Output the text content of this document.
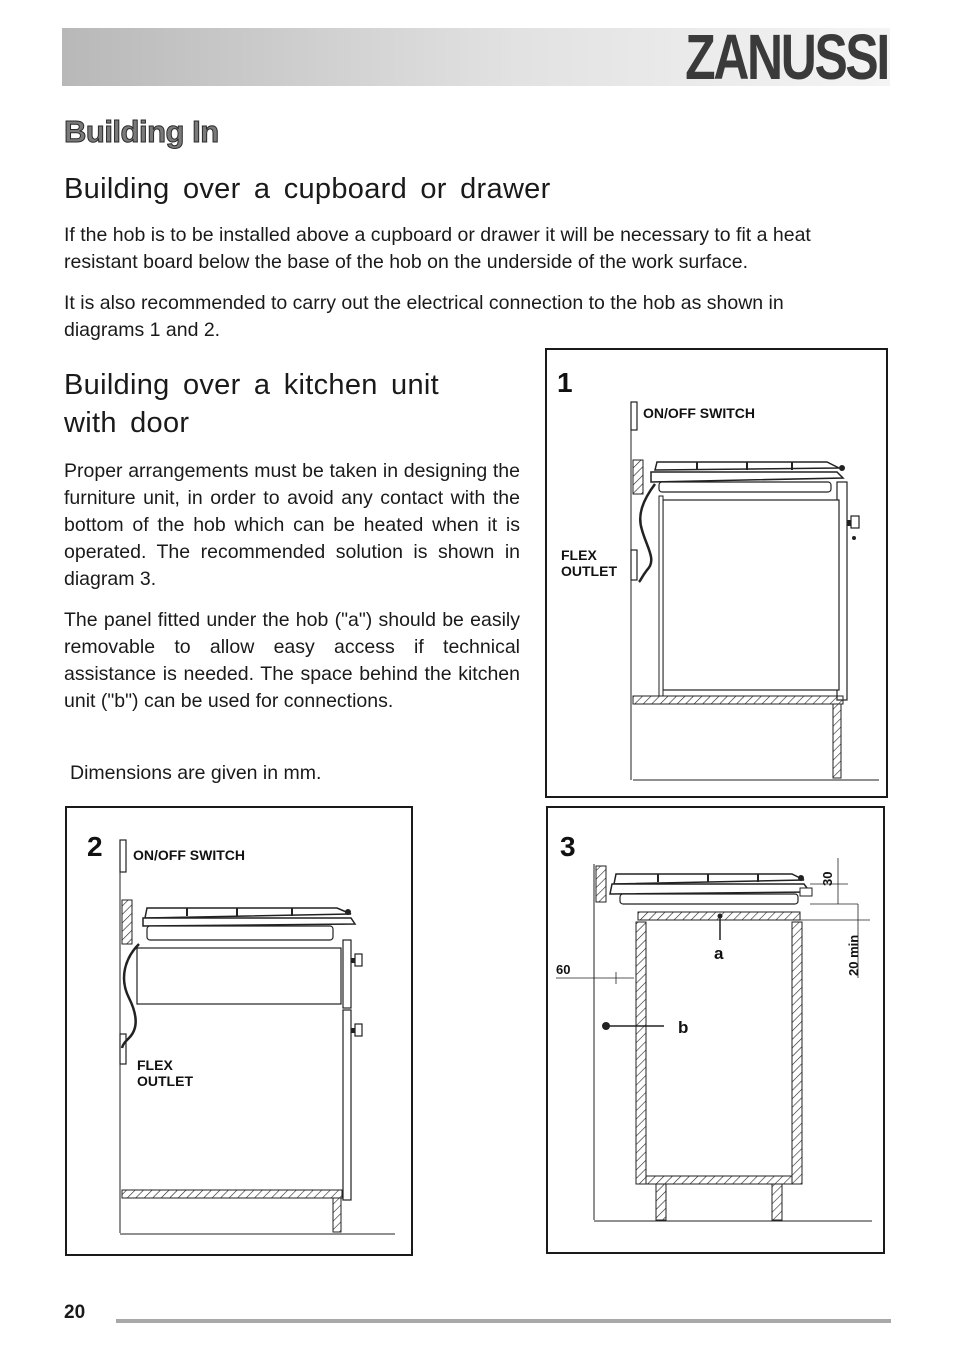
ZANUSSI
Building In
Building over a cupboard or drawer

If the hob is to be installed above a cupboard or drawer it will be necessary to fit a heat resistant board below the base of the hob on the underside of the work surface.

It is also recommended to carry out the electrical connection to the hob as shown in diagrams 1 and 2.

Building over a kitchen unit
with door

Proper arrangements must be taken in designing the furniture unit, in order to avoid any contact with the bottom of the hob which can be heated when it is operated. The recommended solution is shown in diagram 3.

The panel fitted under the hob ("a") should be easily removable to allow easy access if technical assistance is needed. The space behind the kitchen unit ("b") can be used for connections.

Dimensions are given in mm.
1
ON/OFF SWITCH
FLEX
OUTLET
2 ON/OFF SWITCH
FLEX
OUTLET
3
30
20 min
a
60
b
20
